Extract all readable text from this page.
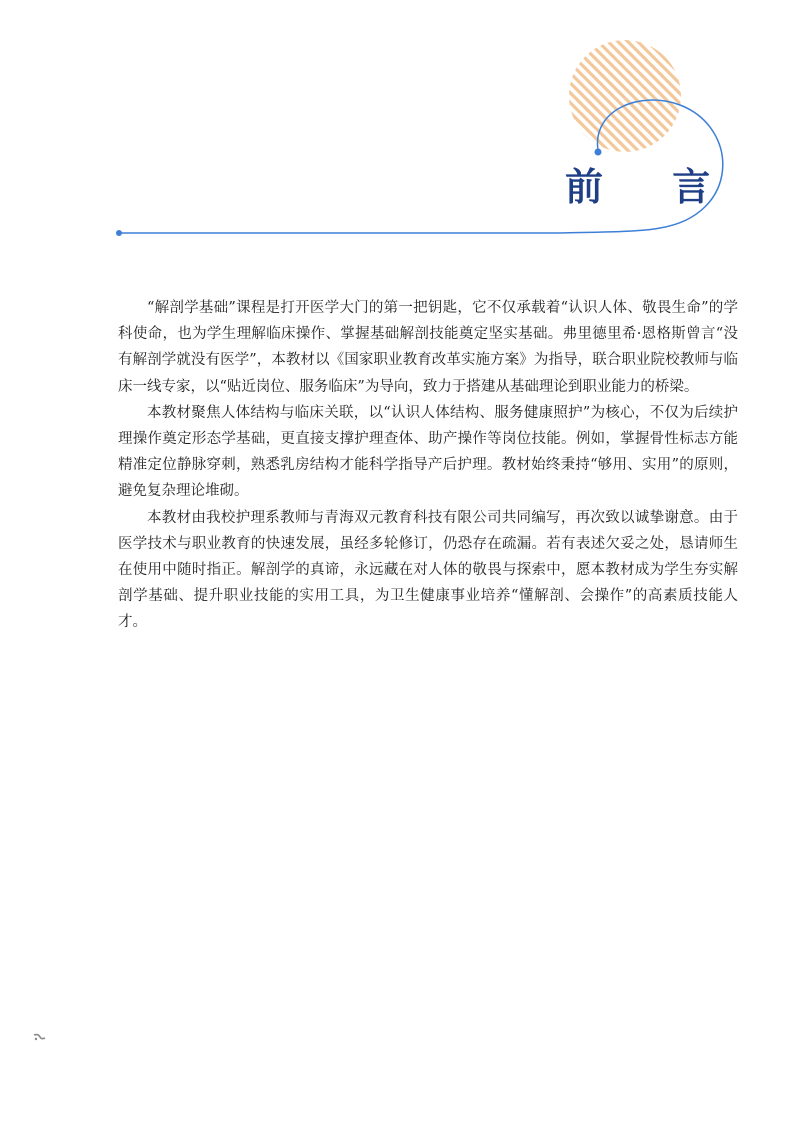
前 言

“解剖学基础”课程是打开医学大门的第一把钥匙，它不仅承载着“认识人体、敬畏生命”的学科使命，也为学生理解临床操作、掌握基础解剖技能奠定坚实基础。弗里德里希·恩格斯曾言“没有解剖学就没有医学”，本教材以《国家职业教育改革实施方案》为指导，联合职业院校教师与临床一线专家，以“贴近岗位、服务临床”为导向，致力于搭建从基础理论到职业能力的桥梁。

本教材聚焦人体结构与临床关联，以“认识人体结构、服务健康照护”为核心，不仅为后续护理操作奠定形态学基础，更直接支撑护理查体、助产操作等岗位技能。例如，掌握骨性标志方能精准定位静脉穿刺，熟悉乳房结构才能科学指导产后护理。教材始终秉持“够用、实用”的原则，避免复杂理论堆砌。

本教材由我校护理系教师与青海双元教育科技有限公司共同编写，再次致以诚挚谢意。由于医学技术与职业教育的快速发展，虽经多轮修订，仍恐存在疏漏。若有表述欠妥之处，恳请师生在使用中随时指正。解剖学的真谛，永远藏在对人体的敬畏与探索中，愿本教材成为学生夯实解剖学基础、提升职业技能的实用工具，为卫生健康事业培养“懂解剖、会操作”的高素质技能人才。
